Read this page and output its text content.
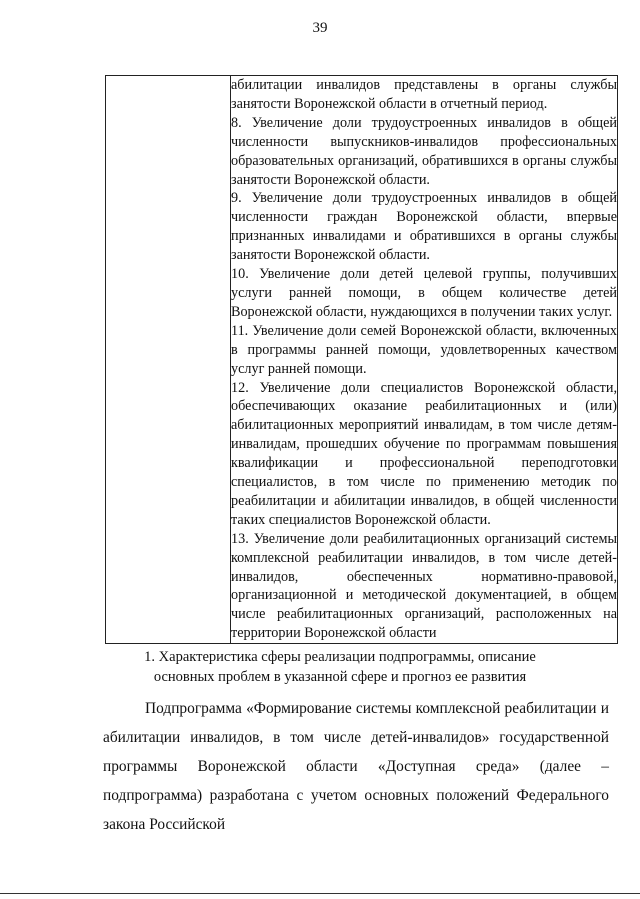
39

абилитации инвалидов представлены в органы службы занятости Воронежской области в отчетный период.

8. Увеличение доли трудоустроенных инвалидов в общей численности выпускников-инвалидов профессиональных образовательных организаций, обратившихся в органы службы занятости Воронежской области.

9. Увеличение доли трудоустроенных инвалидов в общей численности граждан Воронежской области, впервые признанных инвалидами и обратившихся в органы службы занятости Воронежской области.

10. Увеличение доли детей целевой группы, получивших услуги ранней помощи, в общем количестве детей Воронежской области, нуждающихся в получении таких услуг.

11. Увеличение доли семей Воронежской области, включенных в программы ранней помощи, удовлетворенных качеством услуг ранней помощи.

12. Увеличение доли специалистов Воронежской области, обеспечивающих оказание реабилитационных и (или) абилитационных мероприятий инвалидам, в том числе детям-инвалидам, прошедших обучение по программам повышения квалификации и профессиональной переподготовки специалистов, в том числе по применению методик по реабилитации и абилитации инвалидов, в общей численности таких специалистов Воронежской области.

13. Увеличение доли реабилитационных организаций системы комплексной реабилитации инвалидов, в том числе детей-инвалидов, обеспеченных нормативно-правовой, организационной и методической документацией, в общем числе реабилитационных организаций, расположенных на территории Воронежской области

1. Характеристика сферы реализации подпрограммы, описание
основных проблем в указанной сфере и прогноз ее развития

Подпрограмма «Формирование системы комплексной реабилитации и абилитации инвалидов, в том числе детей-инвалидов» государственной программы Воронежской области «Доступная среда» (далее – подпрограмма) разработана с учетом основных положений Федерального закона Российской
